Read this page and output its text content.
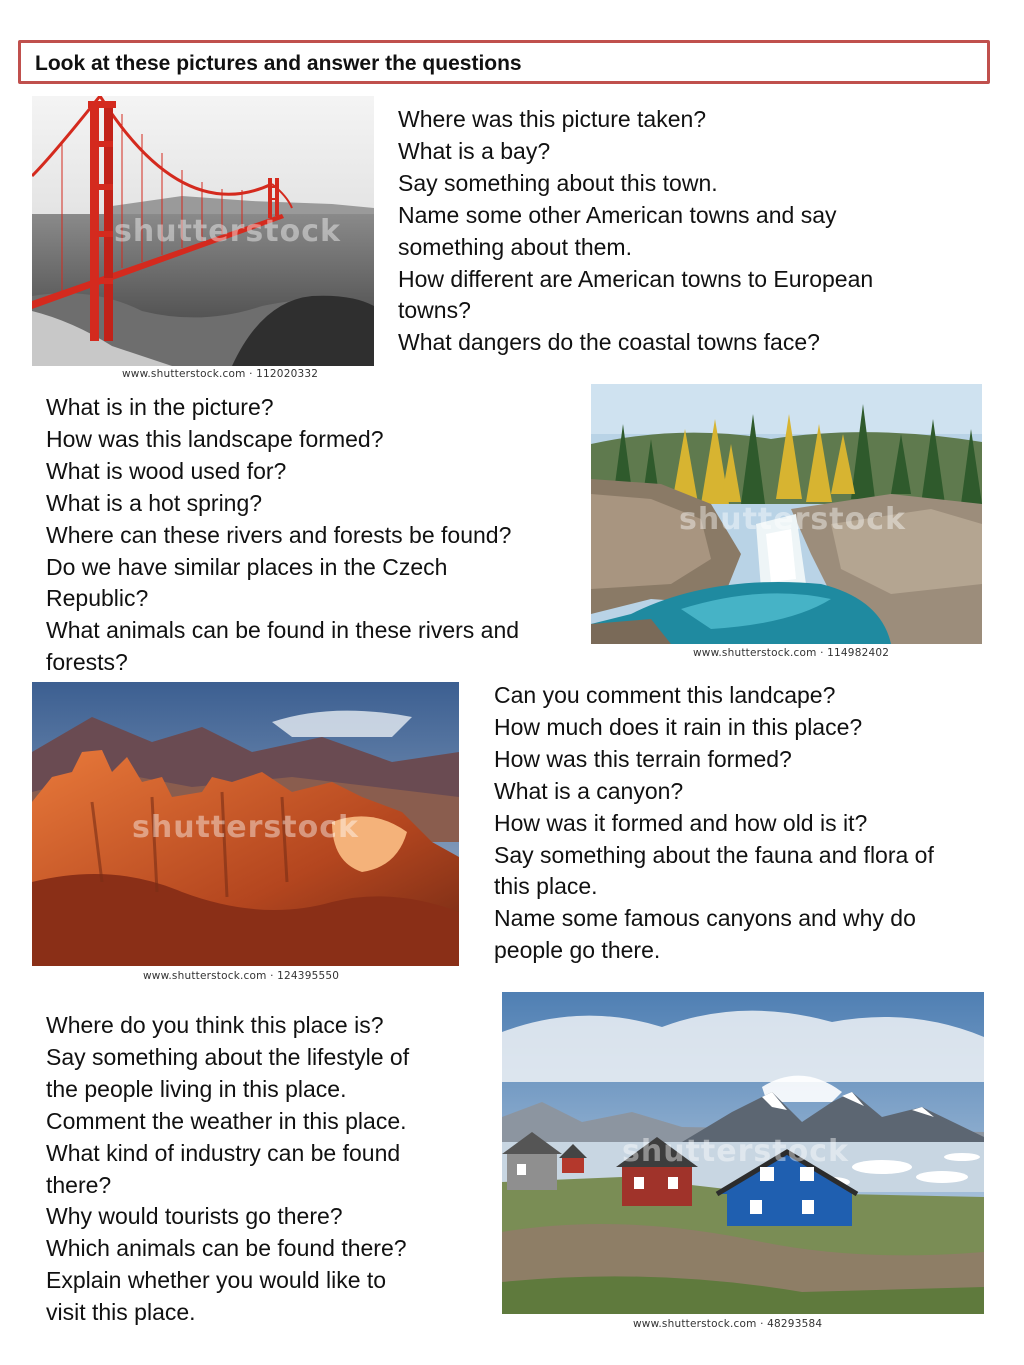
Look at these pictures and answer the questions
shutterstock
www.shutterstock.com · 112020332
Where was this picture taken?
What is a bay?
Say something about this town.
Name some other American towns and say something about them.
How different are American towns to European towns?
What dangers do the coastal towns face?
What is in the picture?
How was this landscape formed?
What is wood used for?
What is a hot spring?
Where can these rivers and forests be found?
Do we have similar places in the Czech Republic?
What animals can be found in these rivers and forests?
shutterstock
www.shutterstock.com · 114982402
shutterstock
www.shutterstock.com · 124395550
Can you comment this landcape?
How much does it rain in this place?
How was this terrain formed?
What is a canyon?
How was it formed and how old is it?
Say something about the fauna and flora of this place.
Name some famous canyons and why do people go there.
Where do you think this place is?
Say something about the lifestyle of the people living in this place.
Comment the weather in this place.
What kind of industry can be found there?
Why would tourists go there?
Which animals can be found there?
Explain whether you would like to visit this place.
shutterstock
www.shutterstock.com · 48293584
